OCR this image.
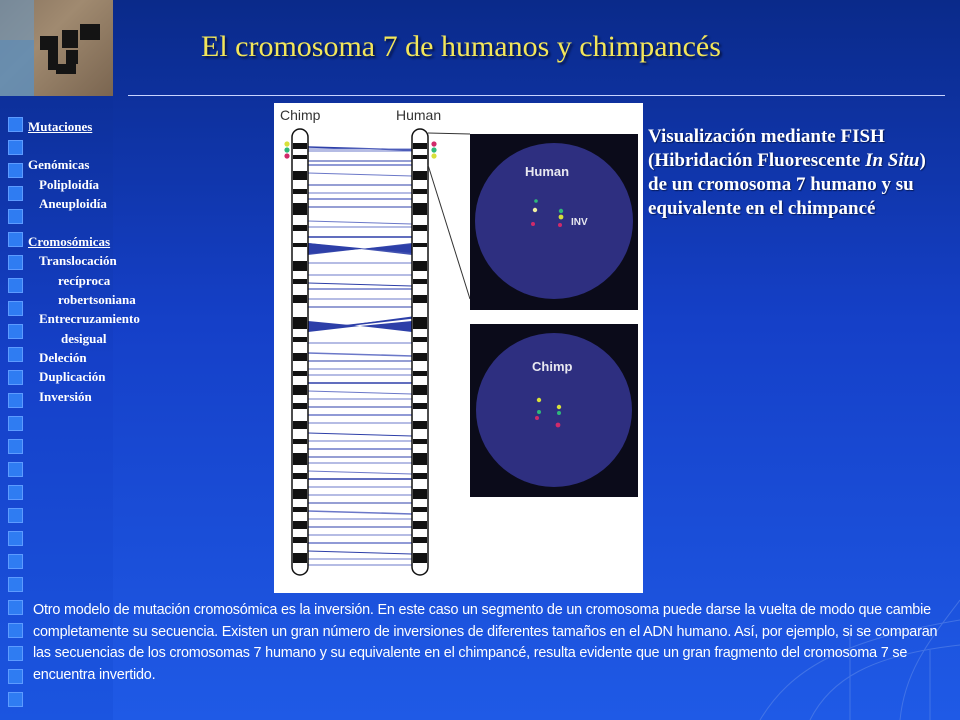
El cromosoma 7 de humanos y chimpancés
Mutaciones
Genómicas
Poliploidía
Aneuploidía
Cromosómicas
Translocación
recíproca
robertsoniana
Entrecruzamiento
desigual
Deleción
Duplicación
Inversión
Chimp	Human
Human
INV
Chimp

Visualización mediante FISH (Hibridación Fluorescente In Situ) de un cromosoma 7 humano y su equivalente en el chimpancé

Otro modelo de mutación cromosómica es la inversión. En este caso un segmento de un cromosoma puede darse la vuelta de modo que cambie completamente su secuencia. Existen un gran número de inversiones de diferentes tamaños en el ADN humano. Así, por ejemplo, si se comparan las secuencias de los cromosomas 7 humano y su equivalente en el chimpancé, resulta evidente que un gran fragmento del cromosoma 7 se encuentra invertido.
